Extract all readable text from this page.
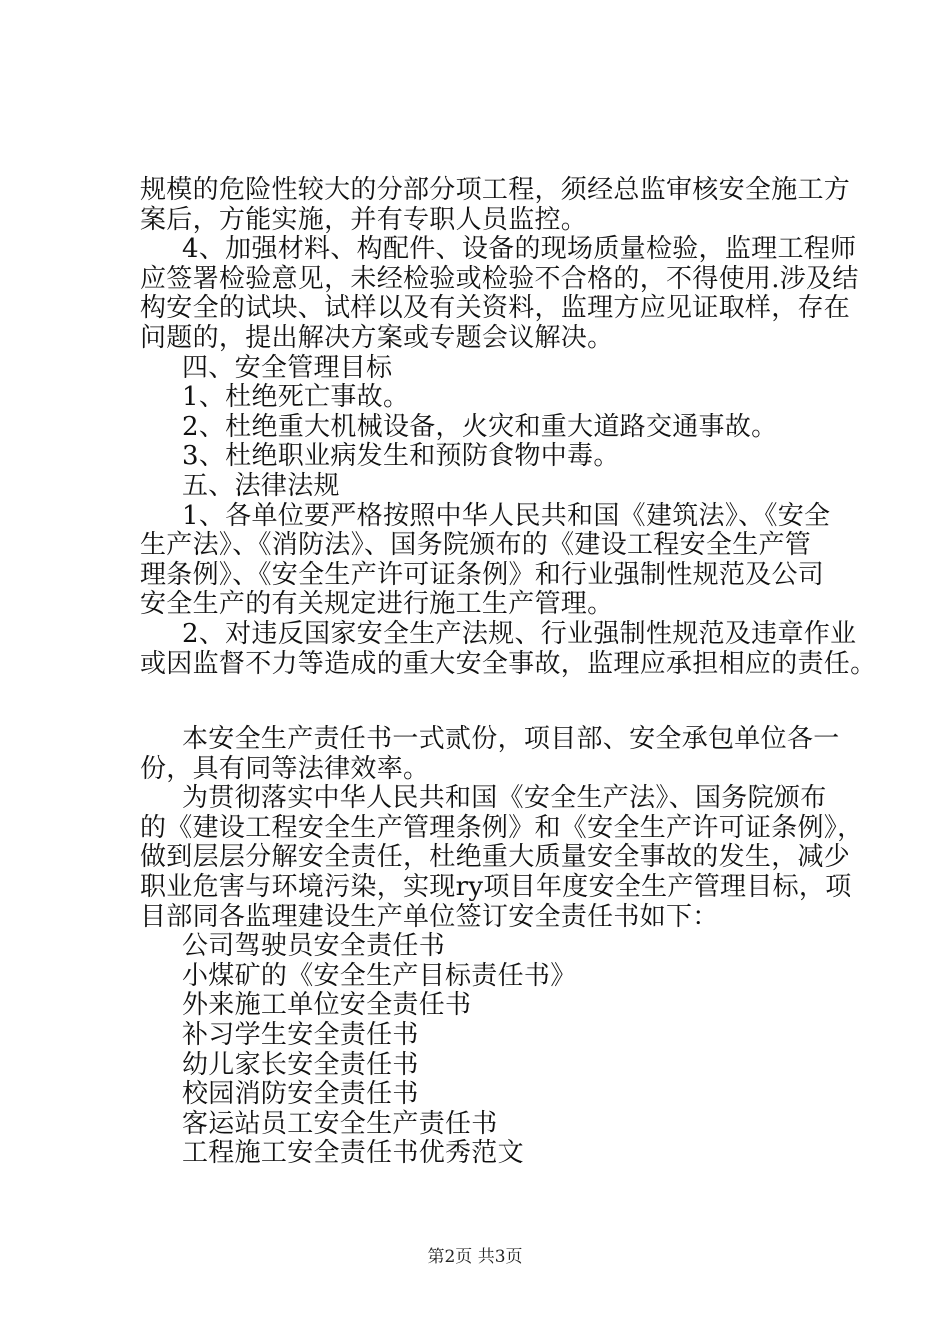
规模的危险性较大的分部分项工程，须经总监审核安全施工方
案后，方能实施，并有专职人员监控。
4、加强材料、构配件、设备的现场质量检验，监理工程师
应签署检验意见，未经检验或检验不合格的，不得使用.涉及结
构安全的试块、试样以及有关资料，监理方应见证取样，存在
问题的，提出解决方案或专题会议解决。
四、安全管理目标
1、杜绝死亡事故。
2、杜绝重大机械设备，火灾和重大道路交通事故。
3、杜绝职业病发生和预防食物中毒。
五、法律法规
1、各单位要严格按照中华人民共和国《建筑法》、《安全
生产法》、《消防法》、国务院颁布的《建设工程安全生产管
理条例》、《安全生产许可证条例》和行业强制性规范及公司
安全生产的有关规定进行施工生产管理。
2、对违反国家安全生产法规、行业强制性规范及违章作业
或因监督不力等造成的重大安全事故，监理应承担相应的责任。
本安全生产责任书一式贰份，项目部、安全承包单位各一
份，具有同等法律效率。
为贯彻落实中华人民共和国《安全生产法》、国务院颁布
的《建设工程安全生产管理条例》和《安全生产许可证条例》，
做到层层分解安全责任，杜绝重大质量安全事故的发生，减少
职业危害与环境污染，实现ry项目年度安全生产管理目标，项
目部同各监理建设生产单位签订安全责任书如下：
公司驾驶员安全责任书
小煤矿的《安全生产目标责任书》
外来施工单位安全责任书
补习学生安全责任书
幼儿家长安全责任书
校园消防安全责任书
客运站员工安全生产责任书
工程施工安全责任书优秀范文
第2页 共3页
